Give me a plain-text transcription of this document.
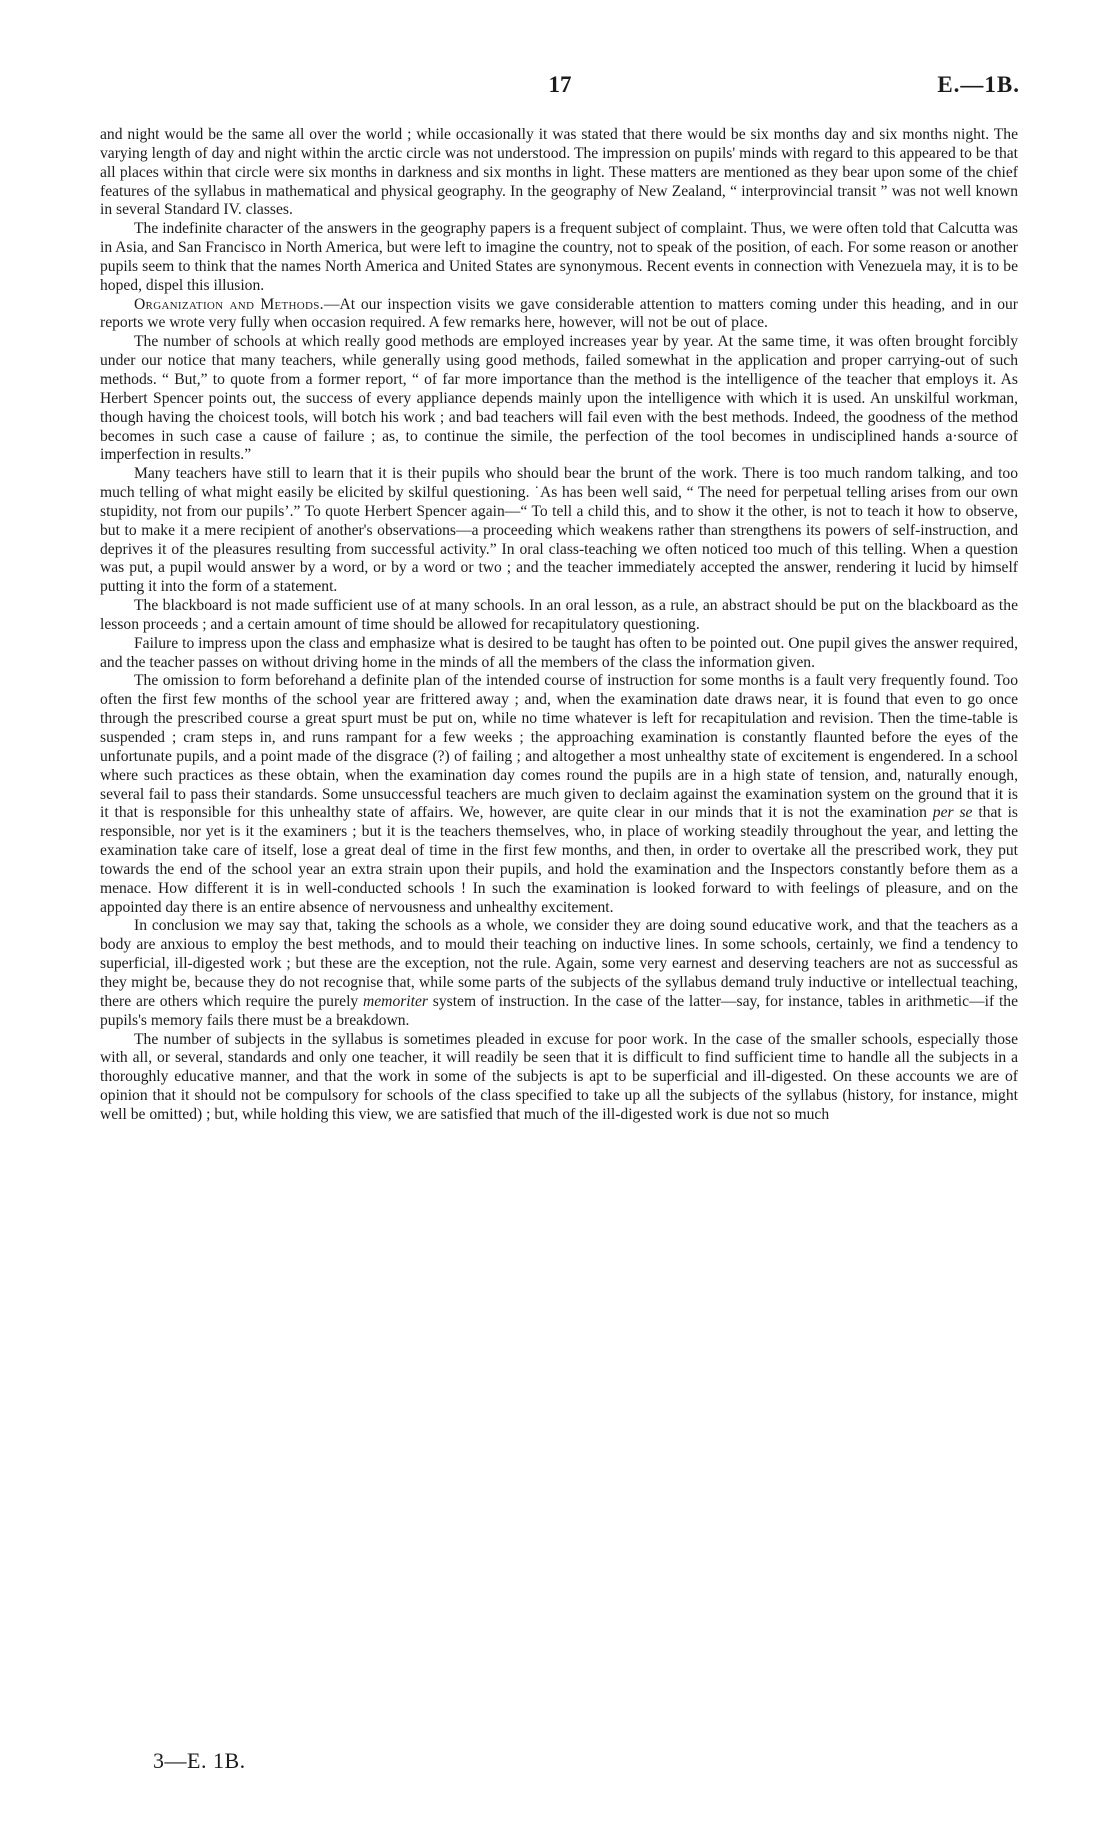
17	E.—1B.

and night would be the same all over the world ; while occasionally it was stated that there would be six months day and six months night. The varying length of day and night within the arctic circle was not understood. The impression on pupils' minds with regard to this appeared to be that all places within that circle were six months in darkness and six months in light. These matters are mentioned as they bear upon some of the chief features of the syllabus in mathematical and physical geography. In the geography of New Zealand, “ interprovincial transit ” was not well known in several Standard IV. classes.

The indefinite character of the answers in the geography papers is a frequent subject of complaint. Thus, we were often told that Calcutta was in Asia, and San Francisco in North America, but were left to imagine the country, not to speak of the position, of each. For some reason or another pupils seem to think that the names North America and United States are synonymous. Recent events in connection with Venezuela may, it is to be hoped, dispel this illusion.

Organization and Methods.—At our inspection visits we gave considerable attention to matters coming under this heading, and in our reports we wrote very fully when occasion required. A few remarks here, however, will not be out of place.

The number of schools at which really good methods are employed increases year by year. At the same time, it was often brought forcibly under our notice that many teachers, while generally using good methods, failed somewhat in the application and proper carrying-out of such methods. “ But,” to quote from a former report, “ of far more importance than the method is the intelligence of the teacher that employs it. As Herbert Spencer points out, the success of every appliance depends mainly upon the intelligence with which it is used. An unskilful workman, though having the choicest tools, will botch his work ; and bad teachers will fail even with the best methods. Indeed, the goodness of the method becomes in such case a cause of failure ; as, to continue the simile, the perfection of the tool becomes in undisciplined hands a·source of imperfection in results.”

Many teachers have still to learn that it is their pupils who should bear the brunt of the work. There is too much random talking, and too much telling of what might easily be elicited by skilful questioning. ˙As has been well said, “ The need for perpetual telling arises from our own stupidity, not from our pupils’.” To quote Herbert Spencer again—“ To tell a child this, and to show it the other, is not to teach it how to observe, but to make it a mere recipient of another's observations—a proceeding which weakens rather than strengthens its powers of self-instruction, and deprives it of the pleasures resulting from successful activity.” In oral class-teaching we often noticed too much of this telling. When a question was put, a pupil would answer by a word, or by a word or two ; and the teacher immediately accepted the answer, rendering it lucid by himself putting it into the form of a statement.

The blackboard is not made sufficient use of at many schools. In an oral lesson, as a rule, an abstract should be put on the blackboard as the lesson proceeds ; and a certain amount of time should be allowed for recapitulatory questioning.

Failure to impress upon the class and emphasize what is desired to be taught has often to be pointed out. One pupil gives the answer required, and the teacher passes on without driving home in the minds of all the members of the class the information given.

The omission to form beforehand a definite plan of the intended course of instruction for some months is a fault very frequently found. Too often the first few months of the school year are frittered away ; and, when the examination date draws near, it is found that even to go once through the prescribed course a great spurt must be put on, while no time whatever is left for recapitulation and revision. Then the time-table is suspended ; cram steps in, and runs rampant for a few weeks ; the approaching examination is constantly flaunted before the eyes of the unfortunate pupils, and a point made of the disgrace (?) of failing ; and altogether a most unhealthy state of excitement is engendered. In a school where such practices as these obtain, when the examination day comes round the pupils are in a high state of tension, and, naturally enough, several fail to pass their standards. Some unsuccessful teachers are much given to declaim against the examination system on the ground that it is it that is responsible for this unhealthy state of affairs. We, however, are quite clear in our minds that it is not the examination per se that is responsible, nor yet is it the examiners ; but it is the teachers themselves, who, in place of working steadily throughout the year, and letting the examination take care of itself, lose a great deal of time in the first few months, and then, in order to overtake all the prescribed work, they put towards the end of the school year an extra strain upon their pupils, and hold the examination and the Inspectors constantly before them as a menace. How different it is in well-conducted schools ! In such the examination is looked forward to with feelings of pleasure, and on the appointed day there is an entire absence of nervousness and unhealthy excitement.

In conclusion we may say that, taking the schools as a whole, we consider they are doing sound educative work, and that the teachers as a body are anxious to employ the best methods, and to mould their teaching on inductive lines. In some schools, certainly, we find a tendency to superficial, ill-digested work ; but these are the exception, not the rule. Again, some very earnest and deserving teachers are not as successful as they might be, because they do not recognise that, while some parts of the subjects of the syllabus demand truly inductive or intellectual teaching, there are others which require the purely memoriter system of instruction. In the case of the latter—say, for instance, tables in arithmetic—if the pupils's memory fails there must be a breakdown.

The number of subjects in the syllabus is sometimes pleaded in excuse for poor work. In the case of the smaller schools, especially those with all, or several, standards and only one teacher, it will readily be seen that it is difficult to find sufficient time to handle all the subjects in a thoroughly educative manner, and that the work in some of the subjects is apt to be superficial and ill-digested. On these accounts we are of opinion that it should not be compulsory for schools of the class specified to take up all the subjects of the syllabus (history, for instance, might well be omitted) ; but, while holding this view, we are satisfied that much of the ill-digested work is due not so much

3—E. 1B.
